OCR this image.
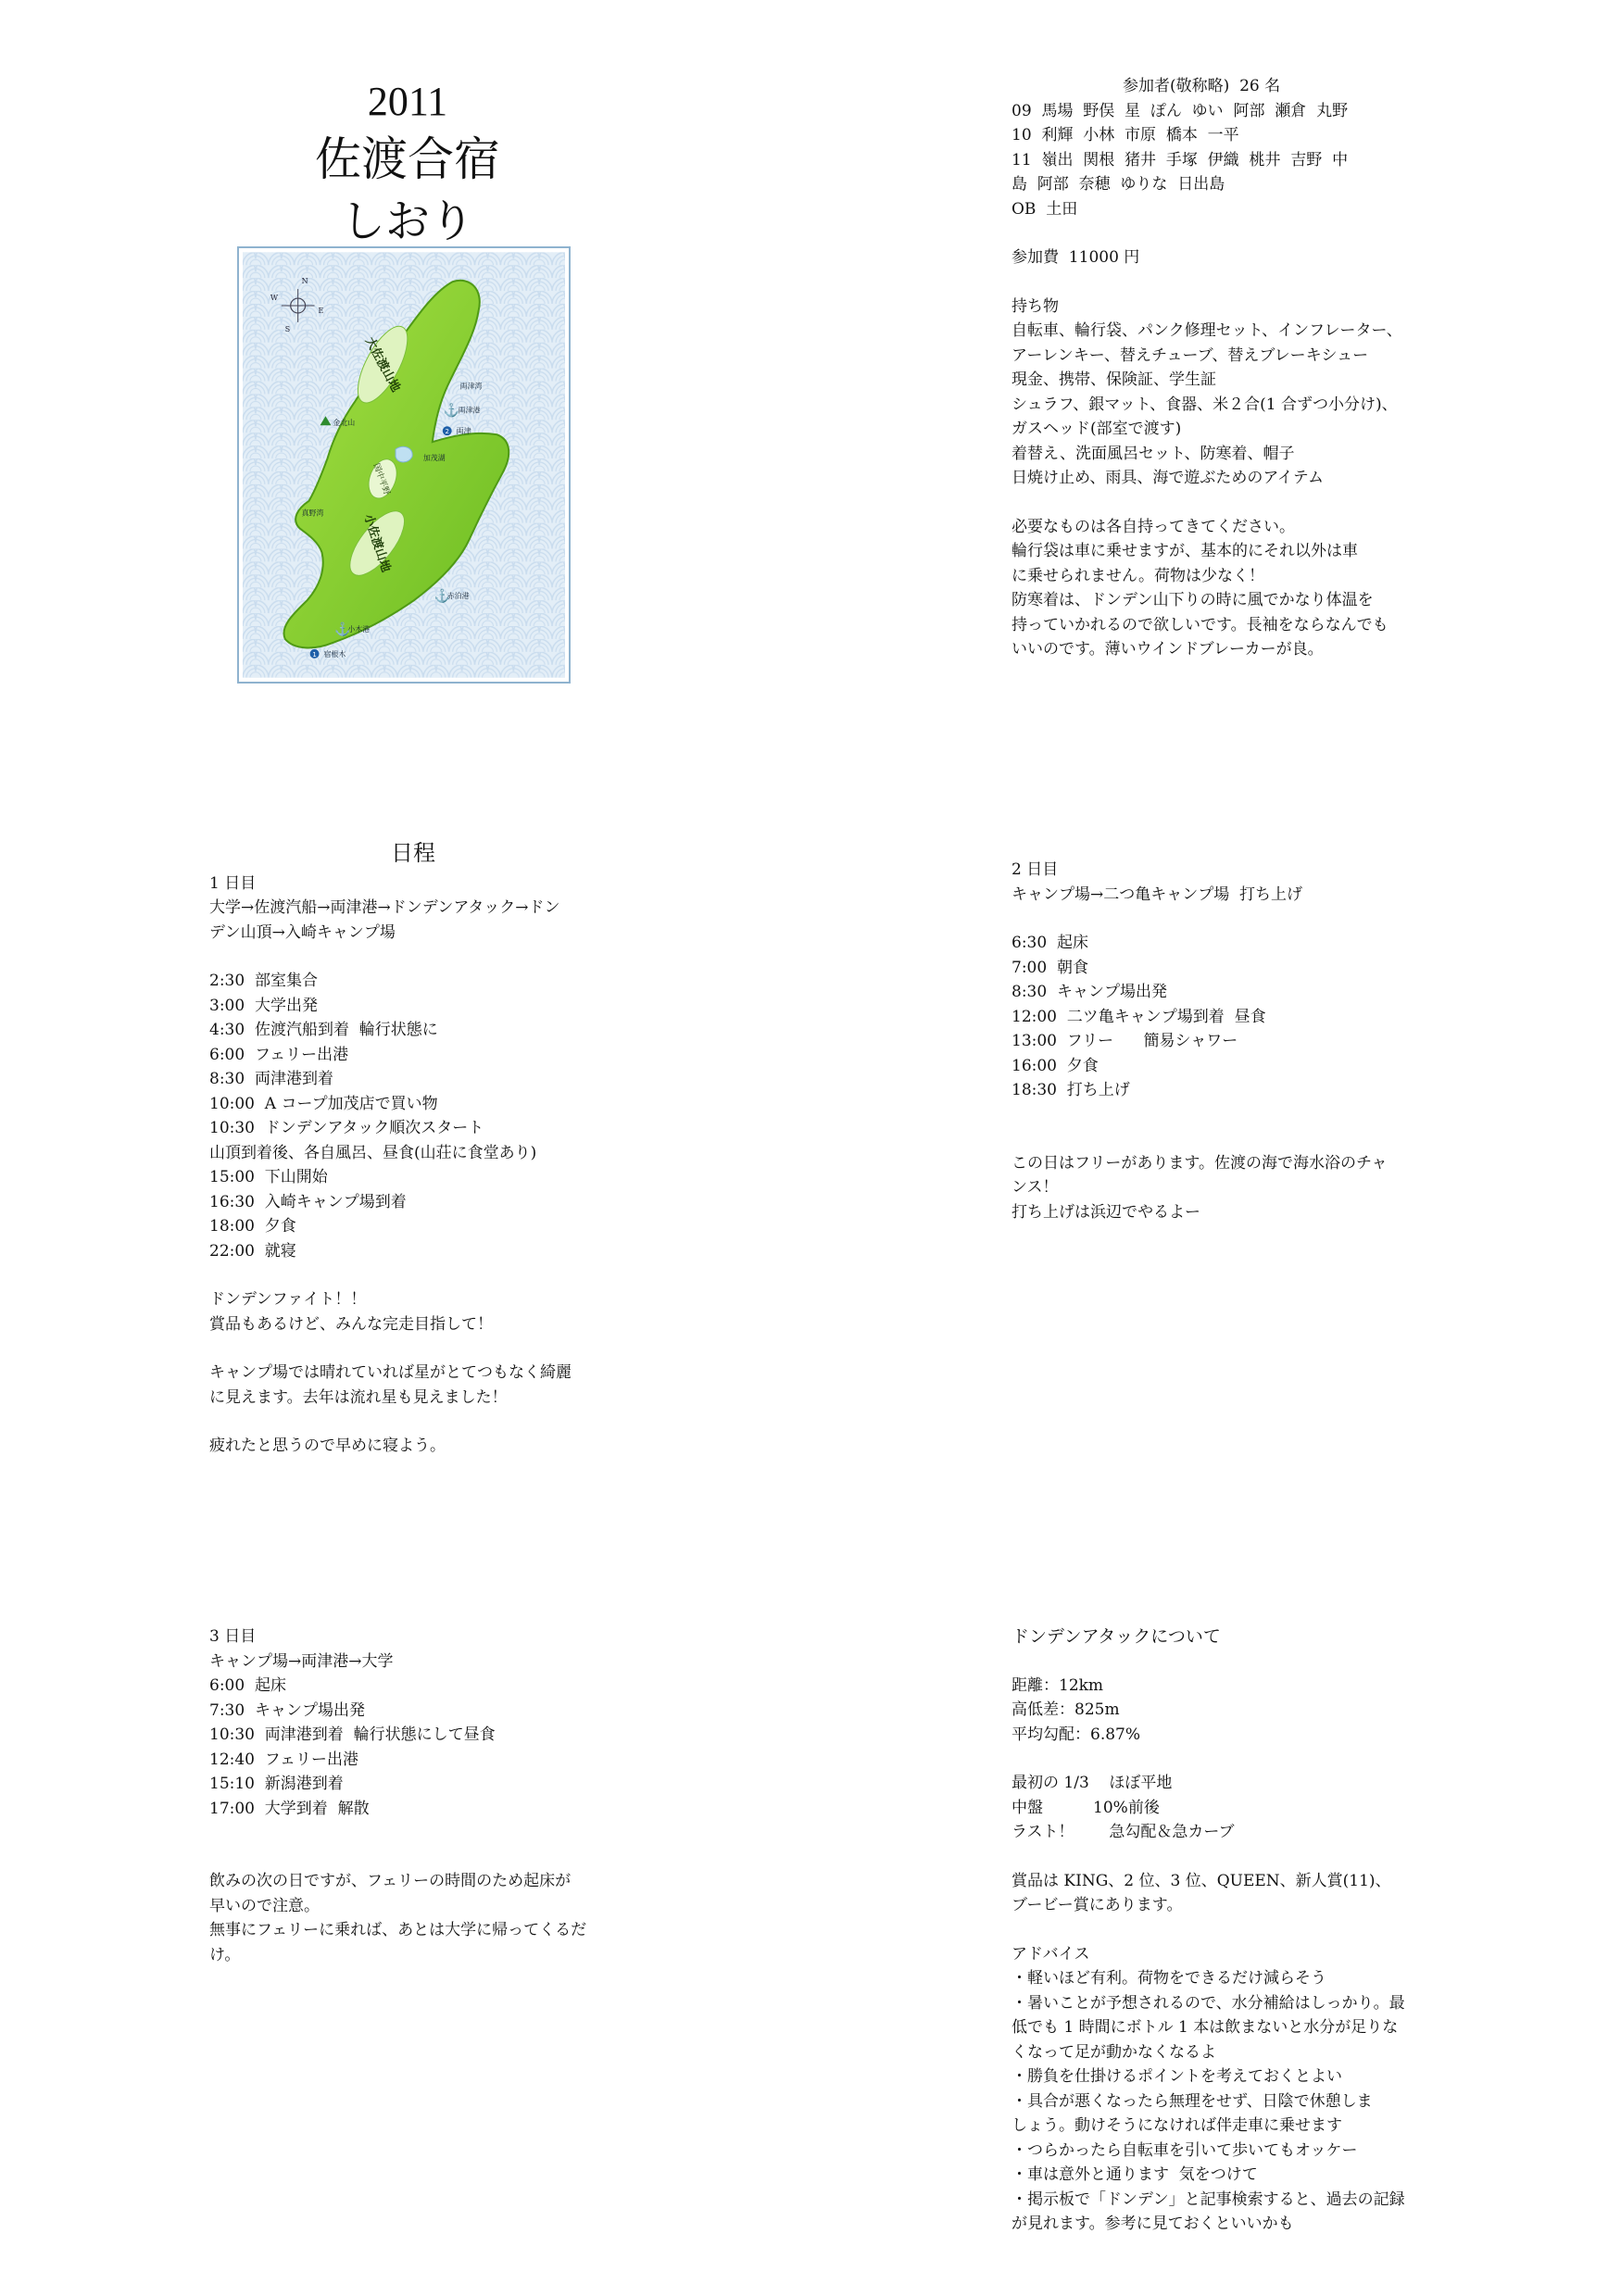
2011
佐渡合宿
しおり
大佐渡山地
小佐渡山地
国中平野
N
W
E
S
金北山
両津湾
⚓
両津港
2 両津
加茂湖
真野湾
⚓
赤泊港
⚓
小木港
1 宿根木
参加者(敬称略)  26 名
09  馬場  野俣  星  ぽん  ゆい  阿部  瀬倉  丸野
10  利輝  小林  市原  橋本  一平
11  嶺出  関根  猪井  手塚  伊織  桃井  吉野  中
島  阿部  奈穂  ゆりな  日出島
OB  土田
参加費  11000 円
持ち物
自転車、輪行袋、パンク修理セット、インフレーター、
アーレンキー、替えチューブ、替えブレーキシュー
現金、携帯、保険証、学生証
シュラフ、銀マット、食器、米２合(1 合ずつ小分け)、
ガスヘッド(部室で渡す)
着替え、洗面風呂セット、防寒着、帽子
日焼け止め、雨具、海で遊ぶためのアイテム
必要なものは各自持ってきてください。
輪行袋は車に乗せますが、基本的にそれ以外は車
に乗せられません。荷物は少なく！
防寒着は、ドンデン山下りの時に風でかなり体温を
持っていかれるので欲しいです。長袖をならなんでも
いいのです。薄いウインドブレーカーが良。
日程
1 日目
大学→佐渡汽船→両津港→ドンデンアタック→ドン
デン山頂→入崎キャンプ場
2:30  部室集合
3:00  大学出発
4:30  佐渡汽船到着  輪行状態に
6:00  フェリー出港
8:30  両津港到着
10:00  A コープ加茂店で買い物
10:30  ドンデンアタック順次スタート
山頂到着後、各自風呂、昼食(山荘に食堂あり)
15:00  下山開始
16:30  入崎キャンプ場到着
18:00  夕食
22:00  就寝
ドンデンファイト！！
賞品もあるけど、みんな完走目指して！
キャンプ場では晴れていれば星がとてつもなく綺麗
に見えます。去年は流れ星も見えました！
疲れたと思うので早めに寝よう。
2 日目
キャンプ場→二つ亀キャンプ場  打ち上げ
6:30  起床
7:00  朝食
8:30  キャンプ場出発
12:00  二ツ亀キャンプ場到着  昼食
13:00  フリー      簡易シャワー
16:00  夕食
18:30  打ち上げ
この日はフリーがあります。佐渡の海で海水浴のチャ
ンス！
打ち上げは浜辺でやるよー
3 日目
キャンプ場→両津港→大学
6:00  起床
7:30  キャンプ場出発
10:30  両津港到着  輪行状態にして昼食
12:40  フェリー出港
15:10  新潟港到着
17:00  大学到着  解散
飲みの次の日ですが、フェリーの時間のため起床が
早いので注意。
無事にフェリーに乗れば、あとは大学に帰ってくるだ
け。
ドンデンアタックについて
距離：12km
高低差：825m
平均勾配：6.87%
最初の 1/3    ほぼ平地
中盤          10%前後
ラスト！       急勾配＆急カーブ
賞品は KING、2 位、3 位、QUEEN、新人賞(11)、
ブービー賞にあります。
アドバイス
・軽いほど有利。荷物をできるだけ減らそう
・暑いことが予想されるので、水分補給はしっかり。最
低でも 1 時間にボトル 1 本は飲まないと水分が足りな
くなって足が動かなくなるよ
・勝負を仕掛けるポイントを考えておくとよい
・具合が悪くなったら無理をせず、日陰で休憩しま
しょう。動けそうになければ伴走車に乗せます
・つらかったら自転車を引いて歩いてもオッケー
・車は意外と通ります  気をつけて
・掲示板で「ドンデン」と記事検索すると、過去の記録
が見れます。参考に見ておくといいかも
